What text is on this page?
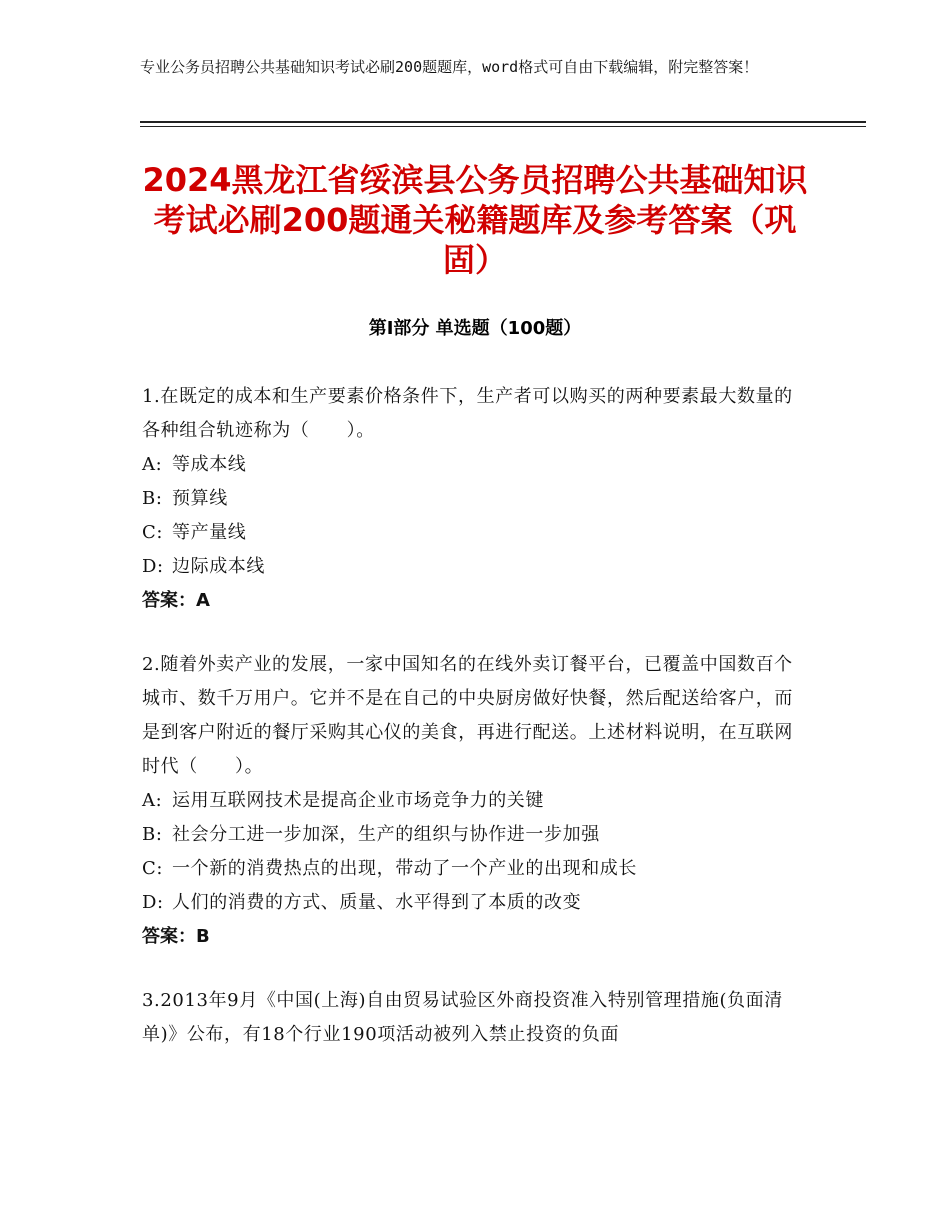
专业公务员招聘公共基础知识考试必刷200题题库，word格式可自由下载编辑，附完整答案！
2024黑龙江省绥滨县公务员招聘公共基础知识考试必刷200题通关秘籍题库及参考答案（巩固）
第Ⅰ部分 单选题（100题）
1.在既定的成本和生产要素价格条件下，生产者可以购买的两种要素最大数量的各种组合轨迹称为（　　）。
A: 等成本线
B: 预算线
C: 等产量线
D: 边际成本线
答案：A
2.随着外卖产业的发展，一家中国知名的在线外卖订餐平台，已覆盖中国数百个城市、数千万用户。它并不是在自己的中央厨房做好快餐，然后配送给客户，而是到客户附近的餐厅采购其心仪的美食，再进行配送。上述材料说明，在互联网时代（　　）。
A: 运用互联网技术是提高企业市场竞争力的关键
B: 社会分工进一步加深，生产的组织与协作进一步加强
C: 一个新的消费热点的出现，带动了一个产业的出现和成长
D: 人们的消费的方式、质量、水平得到了本质的改变
答案：B
3.2013年9月《中国(上海)自由贸易试验区外商投资准入特别管理措施(负面清单)》公布，有18个行业190项活动被列入禁止投资的负面
